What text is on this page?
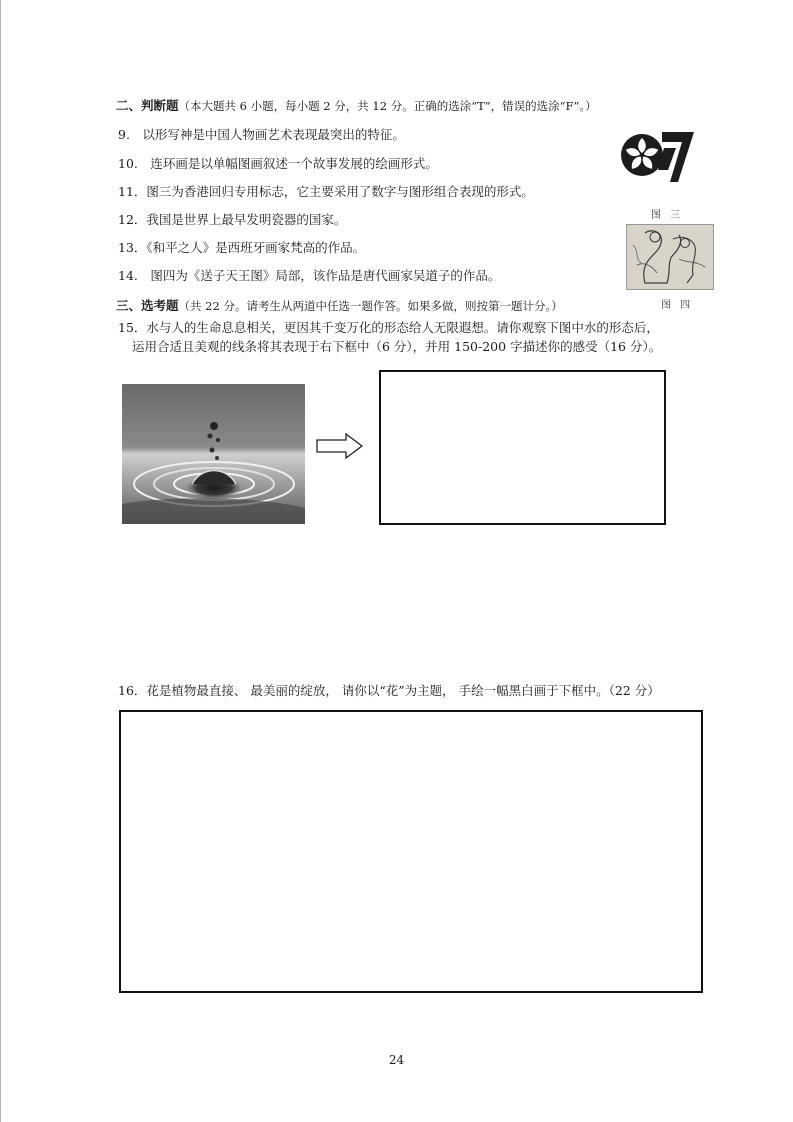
二、判断题（本大题共 6 小题，每小题 2 分，共 12 分。正确的选涂“T”，错误的选涂“F”。）
9.　以形写神是中国人物画艺术表现最突出的特征。
10.　连环画是以单幅图画叙述一个故事发展的绘画形式。
11．图三为香港回归专用标志，它主要采用了数字与图形组合表现的形式。
12．我国是世界上最早发明瓷器的国家。
13．《和平之人》是西班牙画家梵高的作品。
14.　图四为《送子天王图》局部，该作品是唐代画家吴道子的作品。
图 三
图 四
三、选考题（共 22 分。请考生从两道中任选一题作答。如果多做，则按第一题计分。）
15．水与人的生命息息相关，更因其千变万化的形态给人无限遐想。请你观察下图中水的形态后，
运用合适且美观的线条将其表现于右下框中（6 分），并用 150-200 字描述你的感受（16 分）。
16．花是植物最直接、 最美丽的绽放， 请你以“花”为主题， 手绘一幅黑白画于下框中。（22 分）
24
